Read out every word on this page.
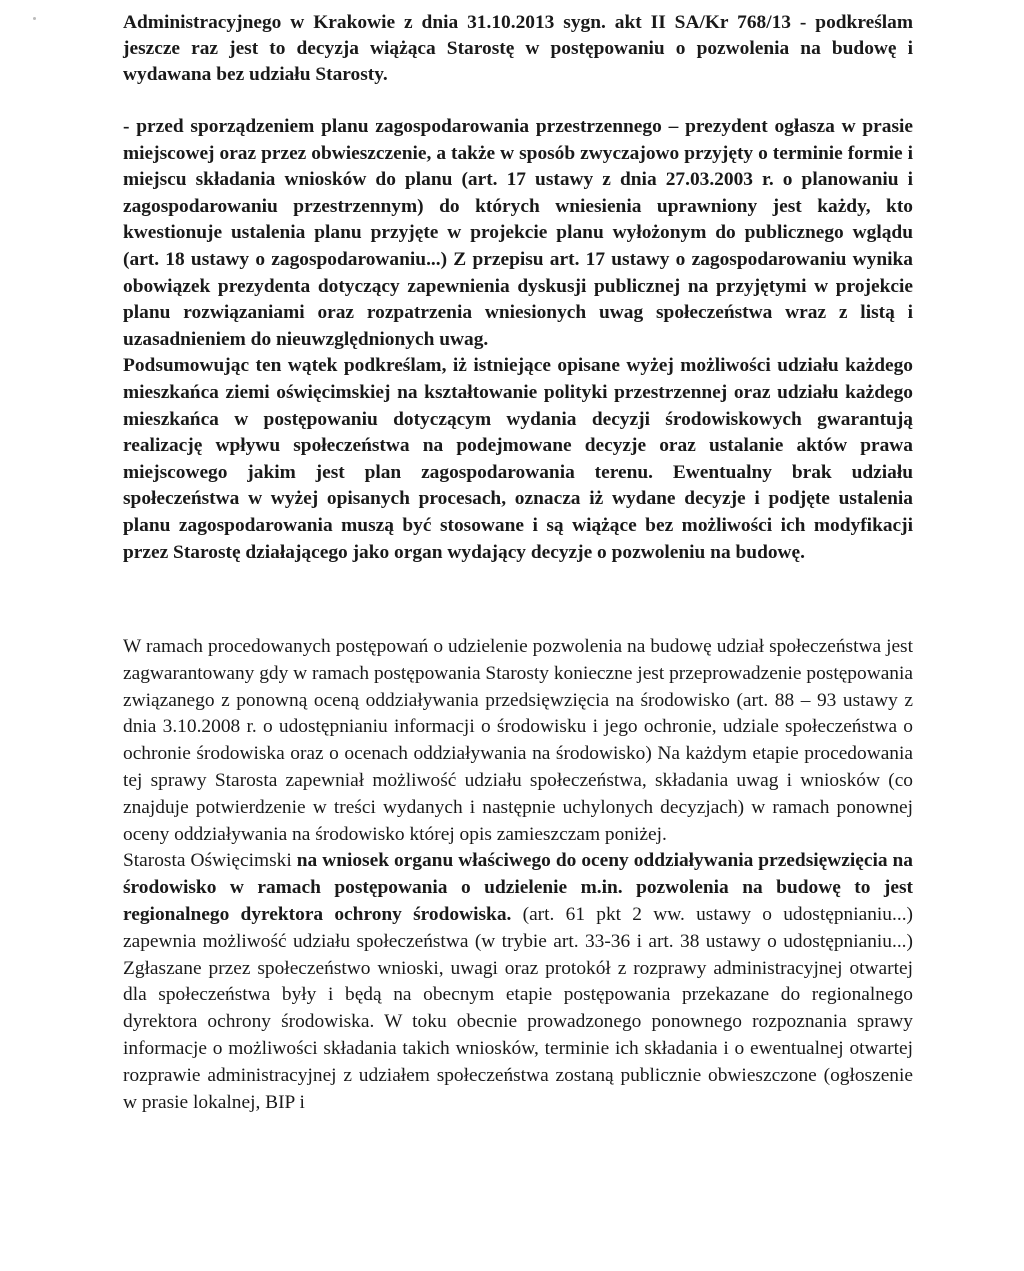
Administracyjnego w Krakowie z dnia 31.10.2013 sygn. akt II SA/Kr 768/13 - podkreślam jeszcze raz jest to decyzja wiążąca Starostę w postępowaniu o pozwolenia na budowę i wydawana bez udziału Starosty.

- przed sporządzeniem planu zagospodarowania przestrzennego – prezydent ogłasza w prasie miejscowej oraz przez obwieszczenie, a także w sposób zwyczajowo przyjęty o terminie formie i miejscu składania wniosków do planu (art. 17 ustawy z dnia 27.03.2003 r. o planowaniu i zagospodarowaniu przestrzennym) do których wniesienia uprawniony jest każdy, kto kwestionuje ustalenia planu przyjęte w projekcie planu wyłożonym do publicznego wglądu (art. 18 ustawy o zagospodarowaniu...) Z przepisu art. 17 ustawy o zagospodarowaniu wynika obowiązek prezydenta dotyczący zapewnienia dyskusji publicznej na przyjętymi w projekcie planu rozwiązaniami oraz rozpatrzenia wniesionych uwag społeczeństwa wraz z listą i uzasadnieniem do nieuwzględnionych uwag.

Podsumowując ten wątek podkreślam, iż istniejące opisane wyżej możliwości udziału każdego mieszkańca ziemi oświęcimskiej na kształtowanie polityki przestrzennej oraz udziału każdego mieszkańca w postępowaniu dotyczącym wydania decyzji środowiskowych gwarantują realizację wpływu społeczeństwa na podejmowane decyzje oraz ustalanie aktów prawa miejscowego jakim jest plan zagospodarowania terenu. Ewentualny brak udziału społeczeństwa w wyżej opisanych procesach, oznacza iż wydane decyzje i podjęte ustalenia planu zagospodarowania muszą być stosowane i są wiążące bez możliwości ich modyfikacji przez Starostę działającego jako organ wydający decyzje o pozwoleniu na budowę.

W ramach procedowanych postępowań o udzielenie pozwolenia na budowę udział społeczeństwa jest zagwarantowany gdy w ramach postępowania Starosty konieczne jest przeprowadzenie postępowania związanego z ponowną oceną oddziaływania przedsięwzięcia na środowisko (art. 88 – 93 ustawy z dnia 3.10.2008 r. o udostępnianiu informacji o środowisku i jego ochronie, udziale społeczeństwa o ochronie środowiska oraz o ocenach oddziaływania na środowisko) Na każdym etapie procedowania tej sprawy Starosta zapewniał możliwość udziału społeczeństwa, składania uwag i wniosków (co znajduje potwierdzenie w treści wydanych i następnie uchylonych decyzjach) w ramach ponownej oceny oddziaływania na środowisko której opis zamieszczam poniżej.

Starosta Oświęcimski na wniosek organu właściwego do oceny oddziaływania przedsięwzięcia na środowisko w ramach postępowania o udzielenie m.in. pozwolenia na budowę to jest regionalnego dyrektora ochrony środowiska. (art. 61 pkt 2 ww. ustawy o udostępnianiu...) zapewnia możliwość udziału społeczeństwa (w trybie art. 33-36 i art. 38 ustawy o udostępnianiu...) Zgłaszane przez społeczeństwo wnioski, uwagi oraz protokół z rozprawy administracyjnej otwartej dla społeczeństwa były i będą na obecnym etapie postępowania przekazane do regionalnego dyrektora ochrony środowiska. W toku obecnie prowadzonego ponownego rozpoznania sprawy informacje o możliwości składania takich wniosków, terminie ich składania i o ewentualnej otwartej rozprawie administracyjnej z udziałem społeczeństwa zostaną publicznie obwieszczone (ogłoszenie w prasie lokalnej, BIP i
